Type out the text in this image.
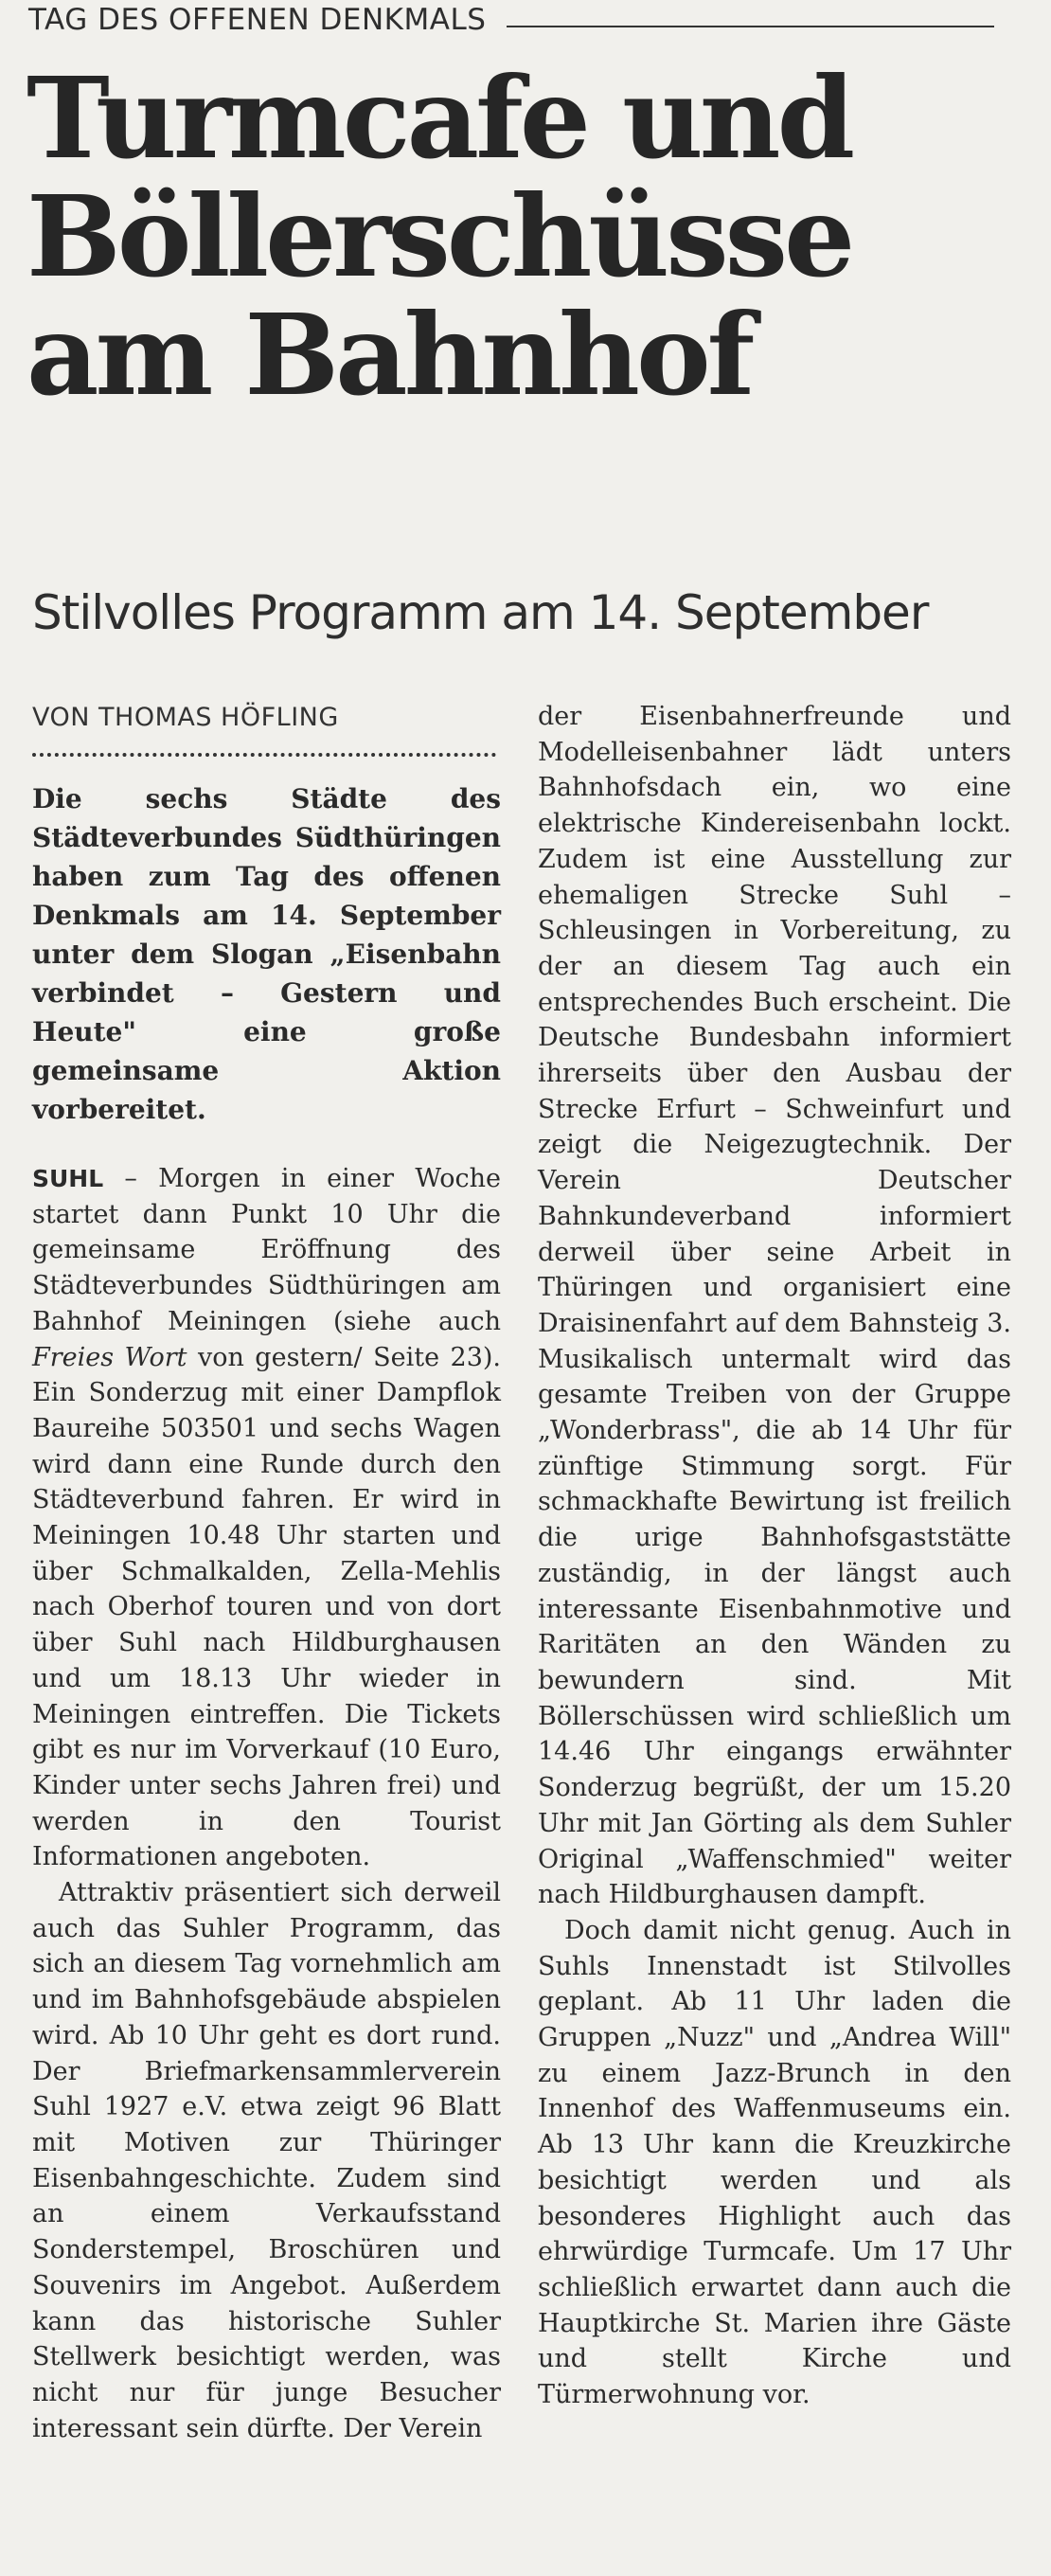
TAG DES OFFENEN DENKMALS
Turmcafe und
Böllerschüsse
am Bahnhof
Stilvolles Programm am 14. September
VON THOMAS HÖFLING
Die sechs Städte des Städteverbundes Südthüringen haben zum Tag des offenen Denkmals am 14. September unter dem Slogan „Eisenbahn verbindet – Gestern und Heute" eine große gemeinsame Aktion vorbereitet.

SUHL – Morgen in einer Woche startet dann Punkt 10 Uhr die gemeinsame Eröffnung des Städteverbundes Südthüringen am Bahnhof Meiningen (siehe auch Freies Wort von gestern/ Seite 23). Ein Sonderzug mit einer Dampflok Baureihe 503501 und sechs Wagen wird dann eine Runde durch den Städteverbund fahren. Er wird in Meiningen 10.48 Uhr starten und über Schmalkalden, Zella-Mehlis nach Oberhof touren und von dort über Suhl nach Hildburghausen und um 18.13 Uhr wieder in Meiningen eintreffen. Die Tickets gibt es nur im Vorverkauf (10 Euro, Kinder unter sechs Jahren frei) und werden in den Tourist Informationen angeboten.

Attraktiv präsentiert sich derweil auch das Suhler Programm, das sich an diesem Tag vornehmlich am und im Bahnhofsgebäude abspielen wird. Ab 10 Uhr geht es dort rund. Der Briefmarkensammlerverein Suhl 1927 e.V. etwa zeigt 96 Blatt mit Motiven zur Thüringer Eisenbahngeschichte. Zudem sind an einem Verkaufsstand Sonderstempel, Broschüren und Souvenirs im Angebot. Außerdem kann das historische Suhler Stellwerk besichtigt werden, was nicht nur für junge Besucher interessant sein dürfte. Der Verein

der Eisenbahnerfreunde und Modelleisenbahner lädt unters Bahnhofsdach ein, wo eine elektrische Kindereisenbahn lockt. Zudem ist eine Ausstellung zur ehemaligen Strecke Suhl – Schleusingen in Vorbereitung, zu der an diesem Tag auch ein entsprechendes Buch erscheint. Die Deutsche Bundesbahn informiert ihrerseits über den Ausbau der Strecke Erfurt – Schweinfurt und zeigt die Neigezugtechnik. Der Verein Deutscher Bahnkundeverband informiert derweil über seine Arbeit in Thüringen und organisiert eine Draisinenfahrt auf dem Bahnsteig 3. Musikalisch untermalt wird das gesamte Treiben von der Gruppe „Wonderbrass", die ab 14 Uhr für zünftige Stimmung sorgt. Für schmackhafte Bewirtung ist freilich die urige Bahnhofsgaststätte zuständig, in der längst auch interessante Eisenbahnmotive und Raritäten an den Wänden zu bewundern sind. Mit Böllerschüssen wird schließlich um 14.46 Uhr eingangs erwähnter Sonderzug begrüßt, der um 15.20 Uhr mit Jan Görting als dem Suhler Original „Waffenschmied" weiter nach Hildburghausen dampft.

Doch damit nicht genug. Auch in Suhls Innenstadt ist Stilvolles geplant. Ab 11 Uhr laden die Gruppen „Nuzz" und „Andrea Will" zu einem Jazz-Brunch in den Innenhof des Waffenmuseums ein. Ab 13 Uhr kann die Kreuzkirche besichtigt werden und als besonderes Highlight auch das ehrwürdige Turmcafe. Um 17 Uhr schließlich erwartet dann auch die Hauptkirche St. Marien ihre Gäste und stellt Kirche und Türmerwohnung vor.
